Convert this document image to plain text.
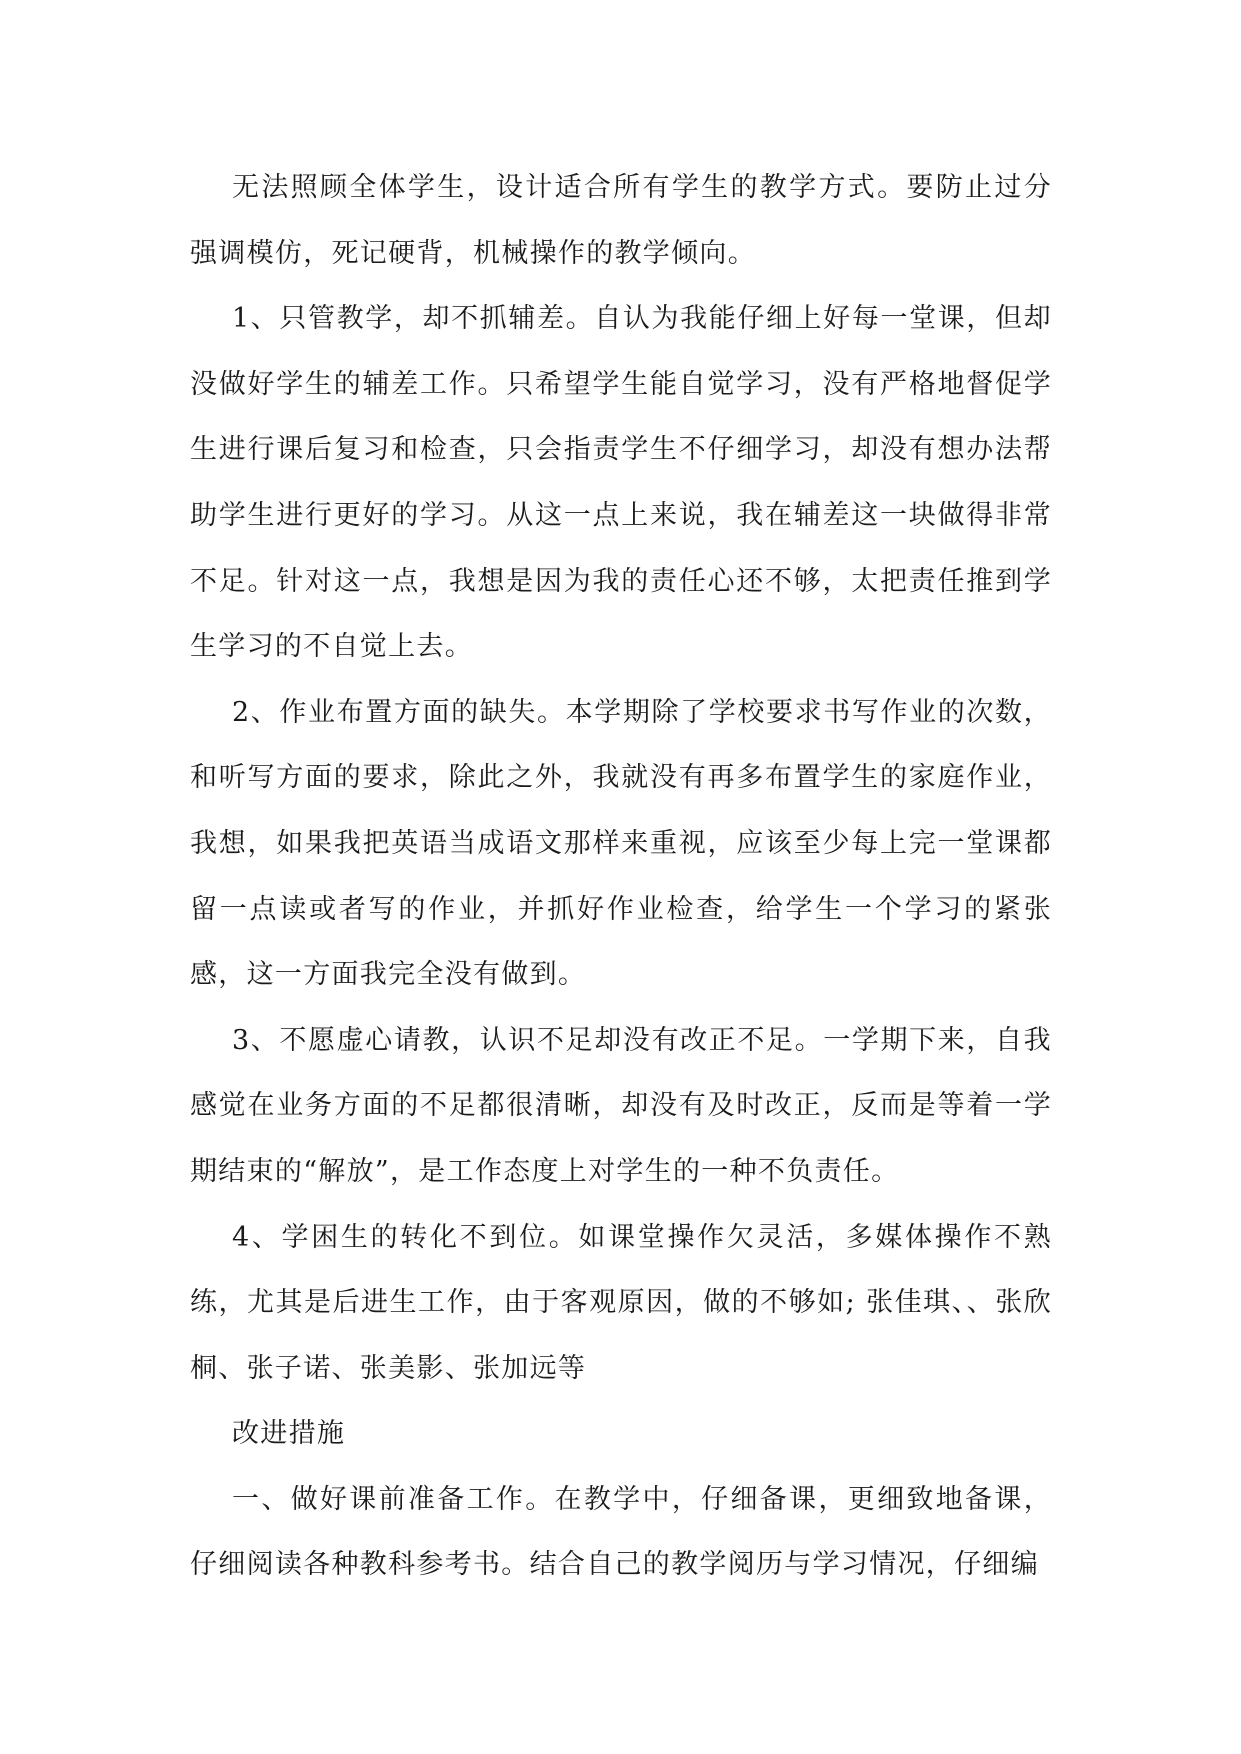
无法照顾全体学生，设计适合所有学生的教学方式。要防止过分强调模仿，死记硬背，机械操作的教学倾向。

1、只管教学，却不抓辅差。自认为我能仔细上好每一堂课，但却没做好学生的辅差工作。只希望学生能自觉学习，没有严格地督促学生进行课后复习和检查，只会指责学生不仔细学习，却没有想办法帮助学生进行更好的学习。从这一点上来说，我在辅差这一块做得非常不足。针对这一点，我想是因为我的责任心还不够，太把责任推到学生学习的不自觉上去。

2、作业布置方面的缺失。本学期除了学校要求书写作业的次数，和听写方面的要求，除此之外，我就没有再多布置学生的家庭作业，我想，如果我把英语当成语文那样来重视，应该至少每上完一堂课都留一点读或者写的作业，并抓好作业检查，给学生一个学习的紧张感，这一方面我完全没有做到。

3、不愿虚心请教，认识不足却没有改正不足。一学期下来，自我感觉在业务方面的不足都很清晰，却没有及时改正，反而是等着一学期结束的“解放”，是工作态度上对学生的一种不负责任。

4、学困生的转化不到位。如课堂操作欠灵活，多媒体操作不熟练，尤其是后进生工作，由于客观原因，做的不够如; 张佳琪、、张欣桐、张子诺、张美影、张加远等

改进措施

一、做好课前准备工作。在教学中，仔细备课，更细致地备课，仔细阅读各种教科参考书。结合自己的教学阅历与学习情况，仔细编
